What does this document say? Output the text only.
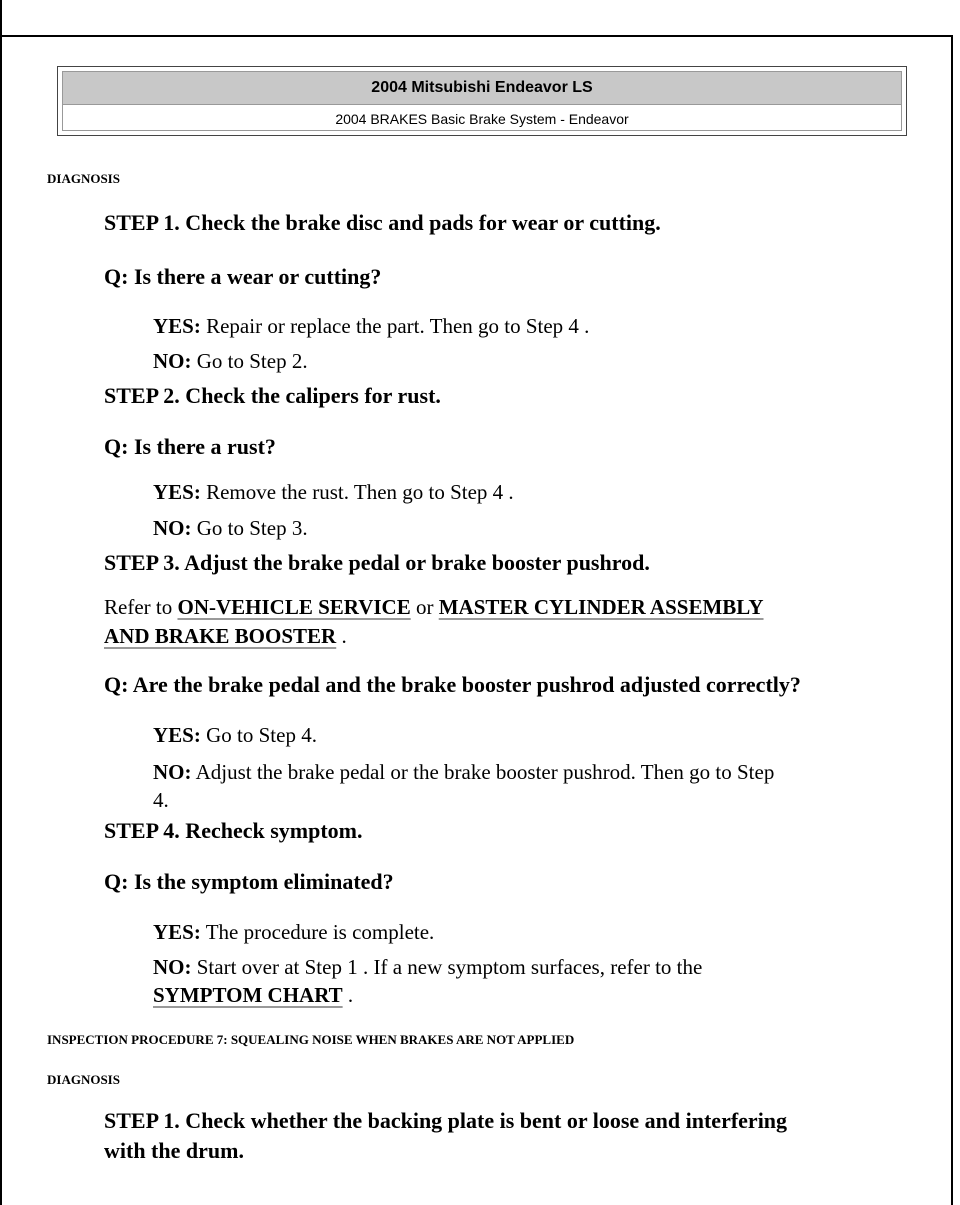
2004 Mitsubishi Endeavor LS
2004 BRAKES Basic Brake System - Endeavor
DIAGNOSIS
STEP 1. Check the brake disc and pads for wear or cutting.
Q: Is there a wear or cutting?
YES: Repair or replace the part. Then go to Step 4 .
NO: Go to Step 2.
STEP 2. Check the calipers for rust.
Q: Is there a rust?
YES: Remove the rust. Then go to Step 4 .
NO: Go to Step 3.
STEP 3. Adjust the brake pedal or brake booster pushrod.
Refer to ON-VEHICLE SERVICE or MASTER CYLINDER ASSEMBLY
AND BRAKE BOOSTER .
Q: Are the brake pedal and the brake booster pushrod adjusted correctly?
YES: Go to Step 4.
NO: Adjust the brake pedal or the brake booster pushrod. Then go to Step
4.
STEP 4. Recheck symptom.
Q: Is the symptom eliminated?
YES: The procedure is complete.
NO: Start over at Step 1 . If a new symptom surfaces, refer to the
SYMPTOM CHART .
INSPECTION PROCEDURE 7: SQUEALING NOISE WHEN BRAKES ARE NOT APPLIED
DIAGNOSIS
STEP 1. Check whether the backing plate is bent or loose and interfering
with the drum.
